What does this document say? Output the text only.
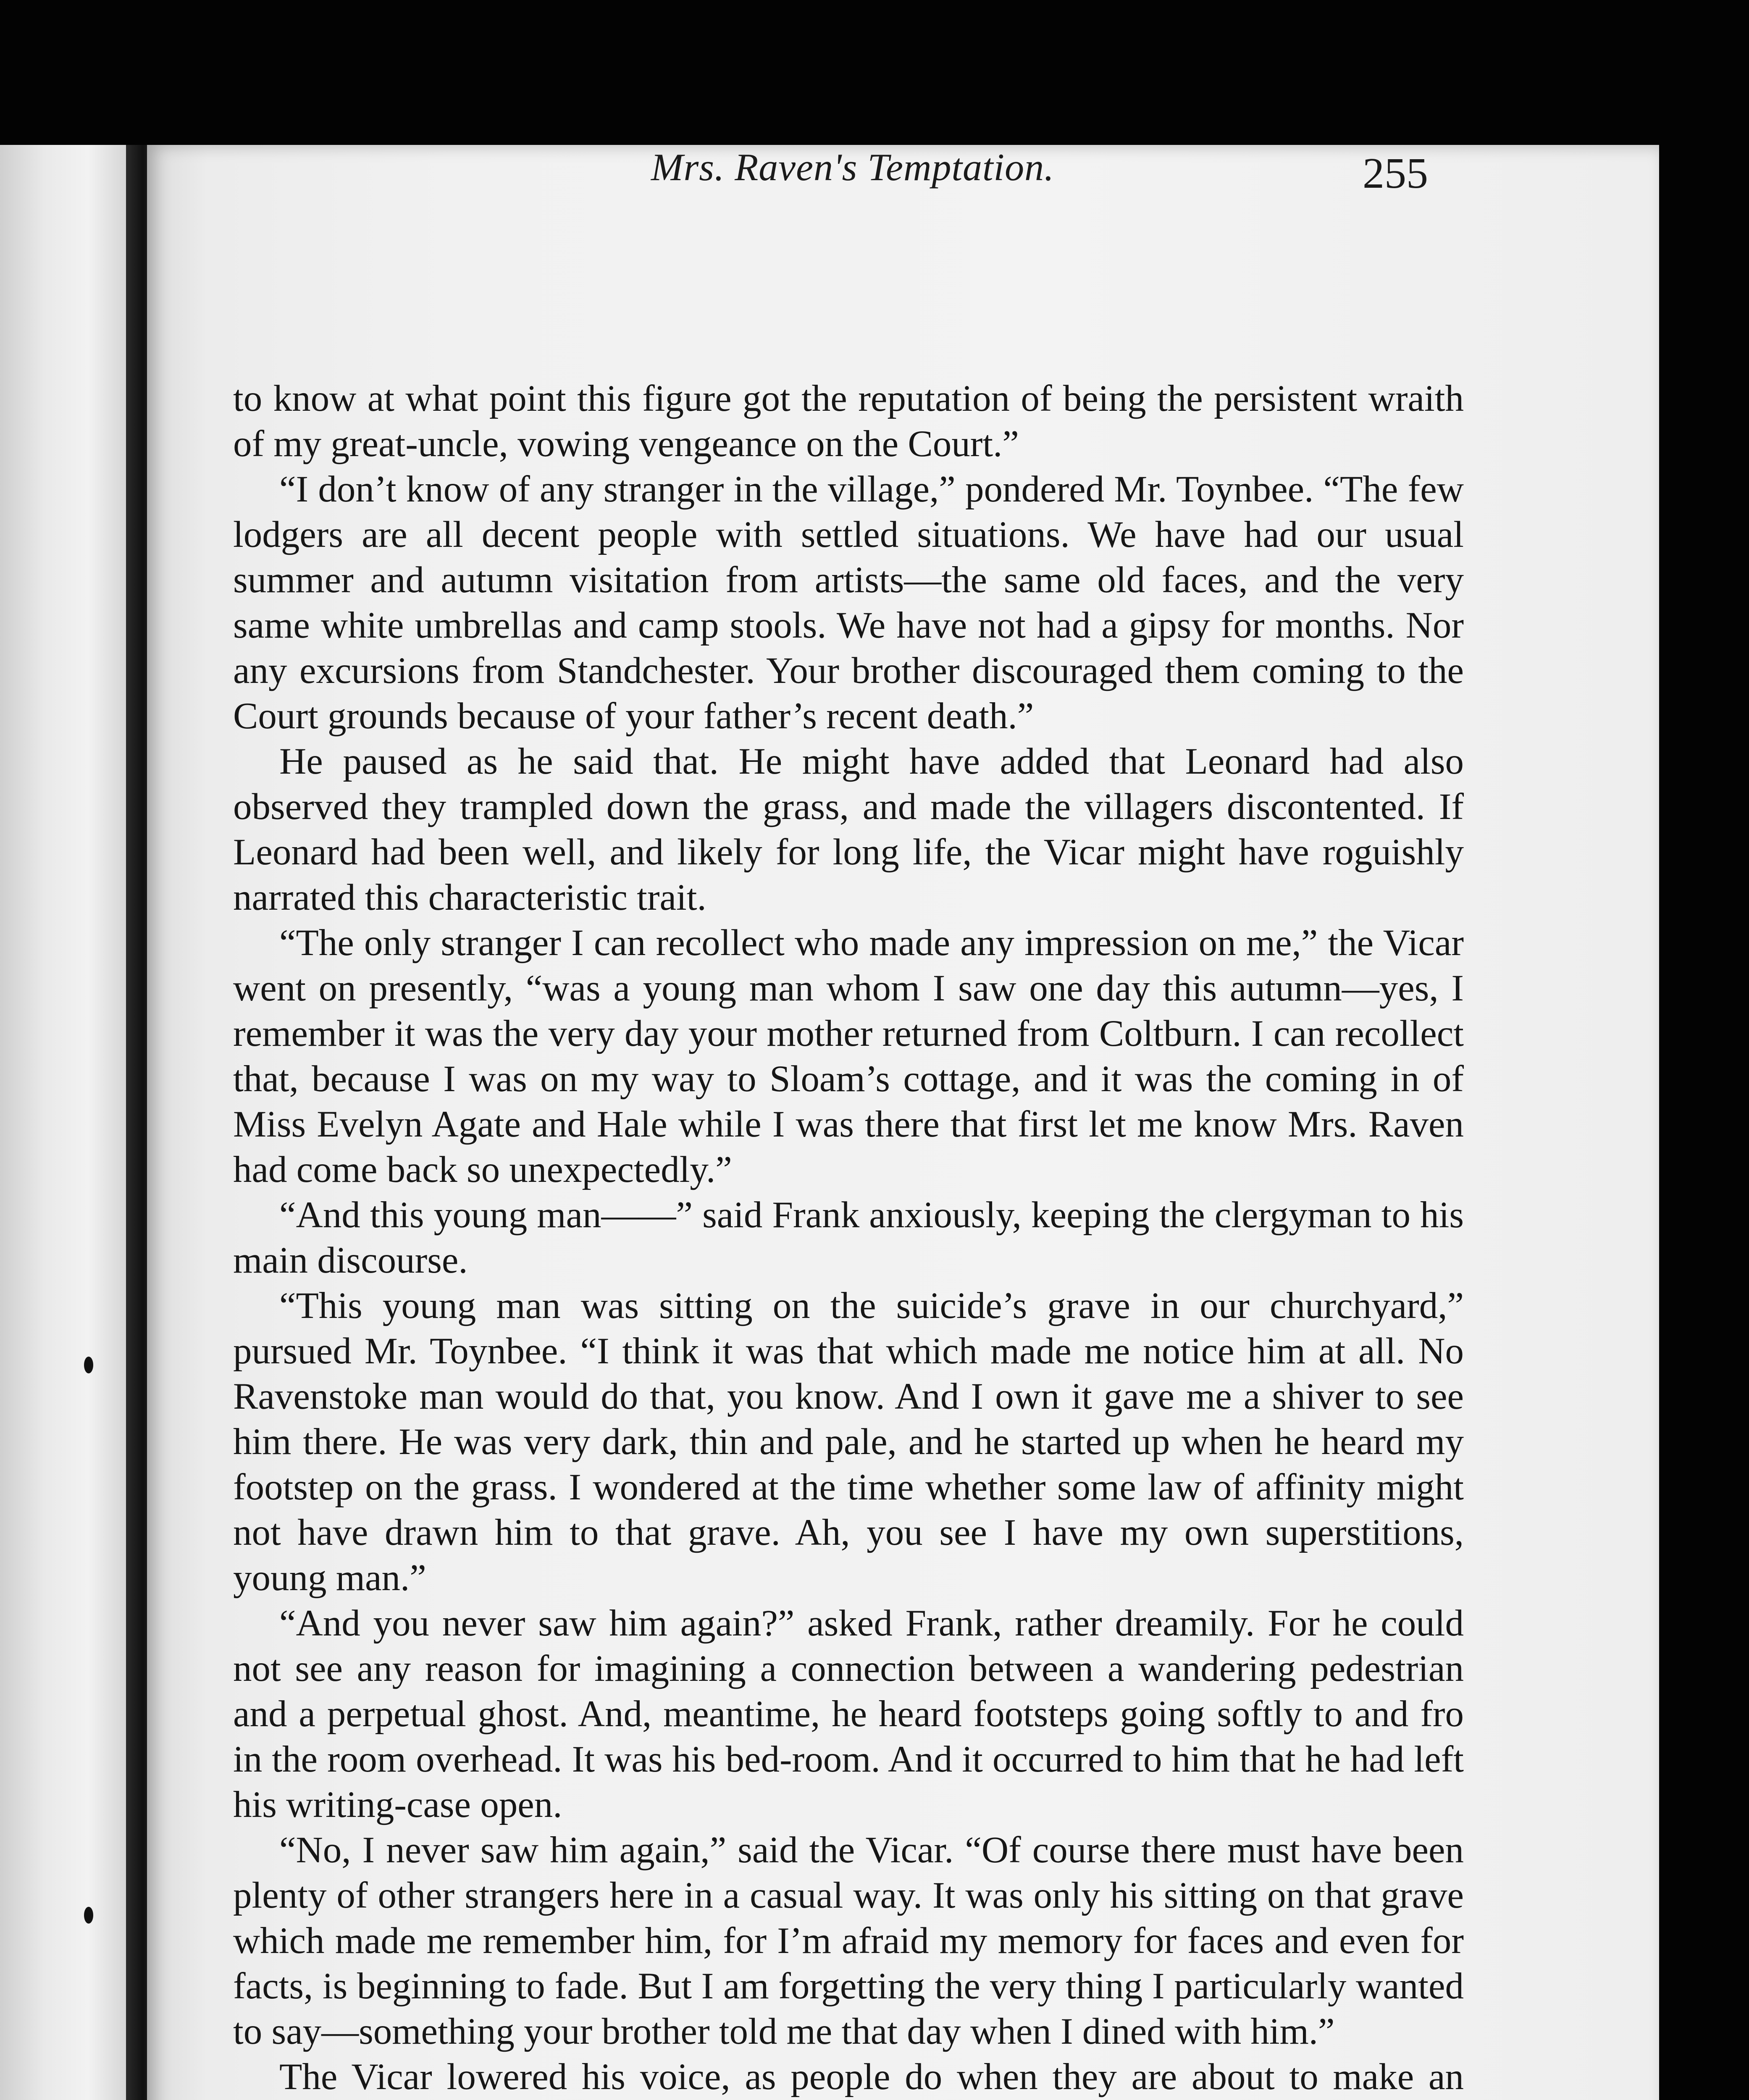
Mrs. Raven's Temptation.	255

to know at what point this figure got the reputation of being the persistent wraith of my great-uncle, vowing vengeance on the Court.”

“I don’t know of any stranger in the village,” pondered Mr. Toynbee. “The few lodgers are all decent people with settled situations. We have had our usual summer and autumn visitation from artists—the same old faces, and the very same white umbrellas and camp stools. We have not had a gipsy for months. Nor any excursions from Standchester. Your brother discouraged them coming to the Court grounds because of your father’s recent death.”

He paused as he said that. He might have added that Leonard had also observed they trampled down the grass, and made the villagers discontented. If Leonard had been well, and likely for long life, the Vicar might have roguishly narrated this characteristic trait.

“The only stranger I can recollect who made any impression on me,” the Vicar went on presently, “was a young man whom I saw one day this autumn—yes, I remember it was the very day your mother returned from Coltburn. I can recollect that, because I was on my way to Sloam’s cottage, and it was the coming in of Miss Evelyn Agate and Hale while I was there that first let me know Mrs. Raven had come back so unexpectedly.”

“And this young man——” said Frank anxiously, keeping the clergyman to his main discourse.

“This young man was sitting on the suicide’s grave in our churchyard,” pursued Mr. Toynbee. “I think it was that which made me notice him at all. No Ravenstoke man would do that, you know. And I own it gave me a shiver to see him there. He was very dark, thin and pale, and he started up when he heard my footstep on the grass. I wondered at the time whether some law of affinity might not have drawn him to that grave. Ah, you see I have my own superstitions, young man.”

“And you never saw him again?” asked Frank, rather dreamily. For he could not see any reason for imagining a connection between a wandering pedestrian and a perpetual ghost. And, meantime, he heard footsteps going softly to and fro in the room overhead. It was his bed-room. And it occurred to him that he had left his writing-case open.

“No, I never saw him again,” said the Vicar. “Of course there must have been plenty of other strangers here in a casual way. It was only his sitting on that grave which made me remember him, for I’m afraid my memory for faces and even for facts, is beginning to fade. But I am forgetting the very thing I particularly wanted to say—something your brother told me that day when I dined with him.”

The Vicar lowered his voice, as people do when they are about to make an
